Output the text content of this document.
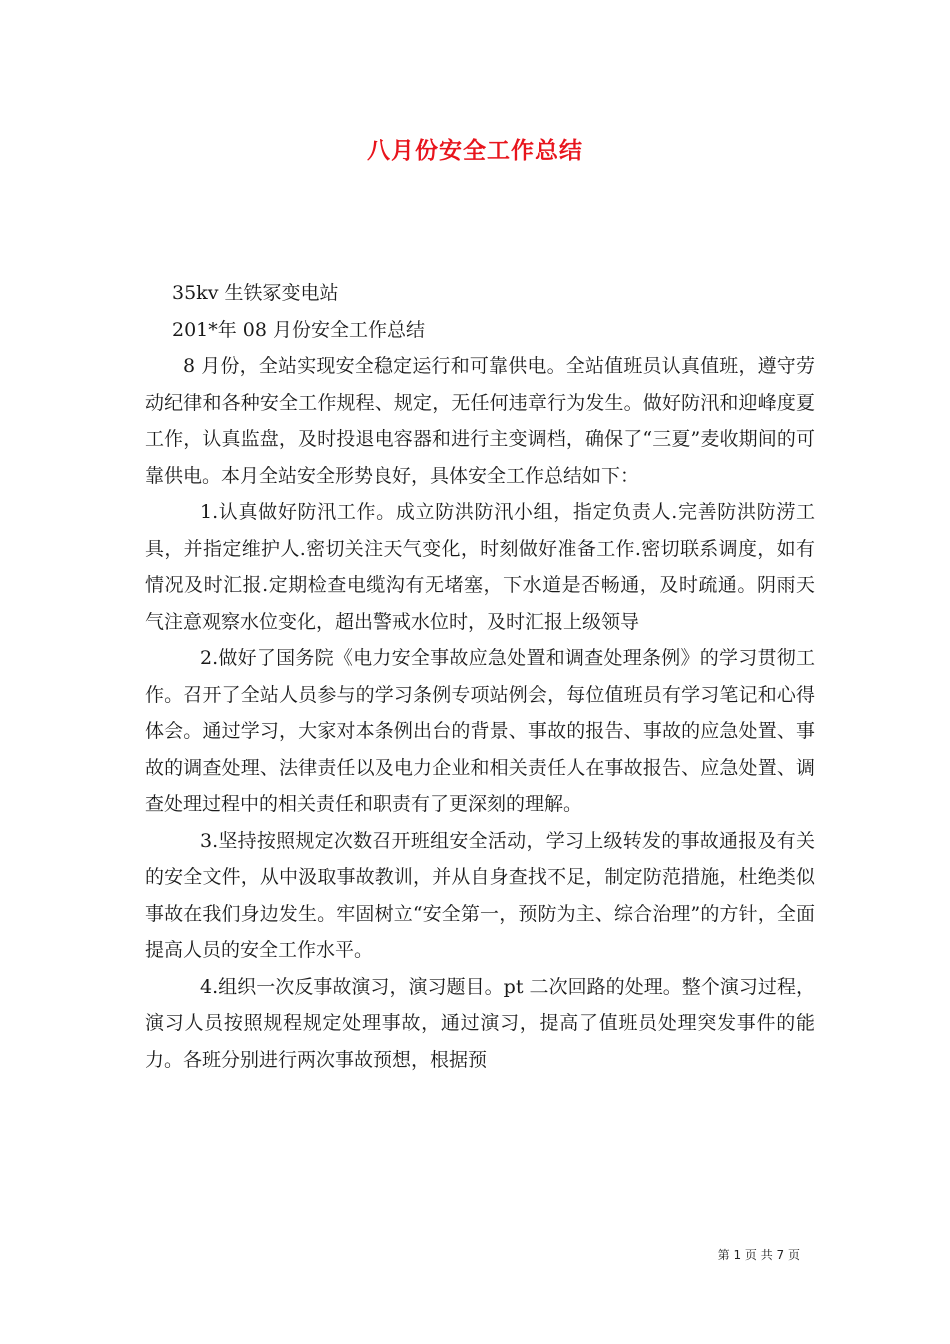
八月份安全工作总结

35kv 生铁冢变电站

201*年 08 月份安全工作总结

8 月份，全站实现安全稳定运行和可靠供电。全站值班员认真值班，遵守劳动纪律和各种安全工作规程、规定，无任何违章行为发生。做好防汛和迎峰度夏工作，认真监盘，及时投退电容器和进行主变调档，确保了“三夏”麦收期间的可靠供电。本月全站安全形势良好，具体安全工作总结如下：

1.认真做好防汛工作。成立防洪防汛小组，指定负责人.完善防洪防涝工具，并指定维护人.密切关注天气变化，时刻做好准备工作.密切联系调度，如有情况及时汇报.定期检查电缆沟有无堵塞，下水道是否畅通，及时疏通。阴雨天气注意观察水位变化，超出警戒水位时，及时汇报上级领导

2.做好了国务院《电力安全事故应急处置和调查处理条例》的学习贯彻工作。召开了全站人员参与的学习条例专项站例会，每位值班员有学习笔记和心得体会。通过学习，大家对本条例出台的背景、事故的报告、事故的应急处置、事故的调查处理、法律责任以及电力企业和相关责任人在事故报告、应急处置、调查处理过程中的相关责任和职责有了更深刻的理解。

3.坚持按照规定次数召开班组安全活动，学习上级转发的事故通报及有关的安全文件，从中汲取事故教训，并从自身查找不足，制定防范措施，杜绝类似事故在我们身边发生。牢固树立“安全第一，预防为主、综合治理”的方针，全面提高人员的安全工作水平。

4.组织一次反事故演习，演习题目。pt 二次回路的处理。整个演习过程，演习人员按照规程规定处理事故，通过演习，提高了值班员处理突发事件的能力。各班分别进行两次事故预想，根据预

第 1 页 共 7 页
